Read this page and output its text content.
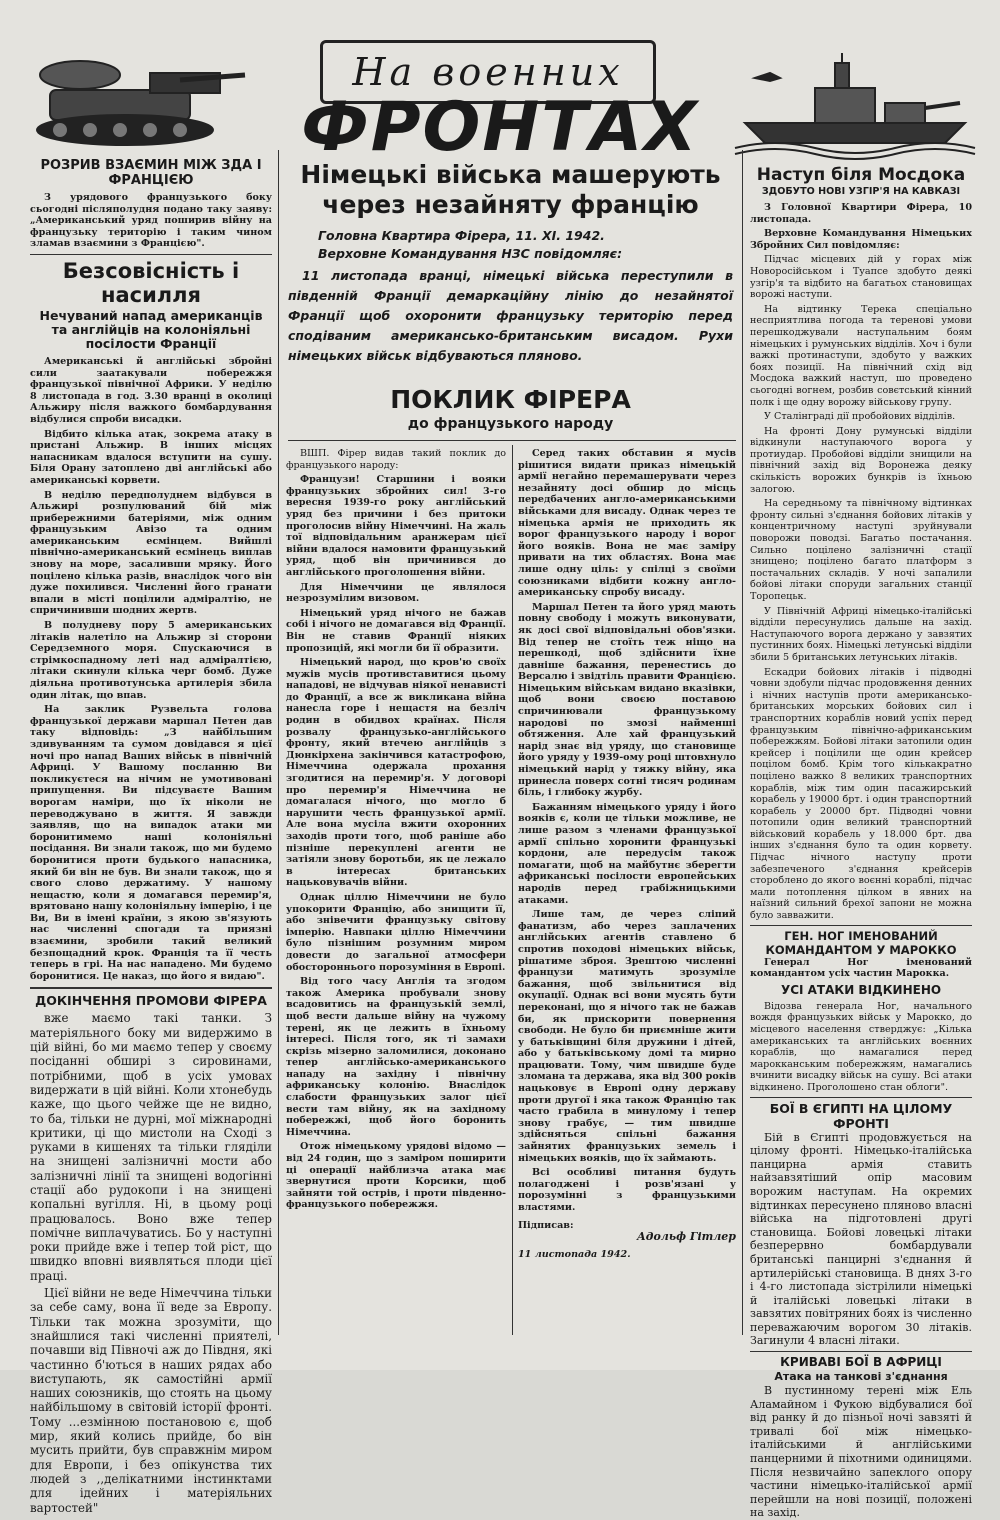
На военних
ФРОНТАХ
РОЗРИВ ВЗАЄМИН МІЖ ЗДА І ФРАНЦІЄЮ

З урядового французького боку сьогодні післяполудня подано таку заяву: „Американський уряд поширив війну на французьку територію і таким чином зламав взаємини з Францією".

Безсовісність і насилля
Нечуваний напад американців та англійців на колоніяльні посілости Франції

Американські й англійські збройні сили заатакували побережжя французької північної Африки. У неділю 8 листопада в год. 3.30 вранці в околиці Альжиру після важкого бомбардування відбулися спроби висадки.

Відбито кілька атак, зокрема атаку в пристані Альжир. В інших місцях напасникам вдалося вступити на сушу. Біля Орану затоплено дві англійські або американські корвети.

В неділю передполуднем відбувся в Альжирі розпулюваний бій між прибережними батеріями, між одним французьким Авізо та одним американським есмінцем. Вийшлі північно-американський есмінець виплав знову на море, засаливши мряку. Його поцілено кілька разів, внаслідок чого він дуже похилився. Численні його гранати впали в місті поцілили адміралтію, не спричинивши шодних жертв.

В полудневу пору 5 американських літаків налетіло на Альжир зі сторони Середземного моря. Спускаючися в стрімкоспадному леті над адміралтією, літаки скинули кілька черг бомб. Дуже діяльна противотунська артилерія збила один літак, що впав.

На заклик Рузвельта голова французької держави маршал Петен дав таку відповідь: „З найбільшим здивуванням та сумом довідався я цієї ночі про напад Ваших військ в північній Африці. У Вашому посланню Ви покликуєтеся на нічим не умотивовані припущення. Ви підсуваєте Вашим ворогам наміри, що їх ніколи не переводжувано в життя. Я завжди заявляв, що на випадок атаки ми боронитимемо наші колоніяльні посідання. Ви знали також, що ми будемо боронитися проти будького напасника, який би він не був. Ви знали також, що я свого слово держатиму. У нашому нещастю, коли я домагався перемир'я, врятовано нашу колоніяльну імперію, і це Ви, Ви в імені країни, з якою зв'язують нас численні спогади та приязні взаємини, зробили такий великий безпощадний крок. Франція та її честь теперь в грі. На нас нападено. Ми будемо боронитися. Це наказ, що його я видаю".

ДОКІНЧЕННЯ ПРОМОВИ ФІРЕРА

вже маємо такі танки. З матеріяльного боку ми видержимо в цій війні, бо ми маємо тепер у своєму посіданні обширі з сировинами, потрібними, щоб в усіх умовах видержати в цій війні. Коли хтонебудь каже, що цього чейже ще не видно, то ба, тільки не дурні, мої міжнародні критики, ці що мистоли на Сході з руками в кишенях та тільки гляділи на знищені залізничні мости або залізничні лінії та знищені водогінні стації або рудокопи і на знищені копальні вугілля. Ні, в цьому році працювалось. Воно вже тепер помічне виплачуватись. Бо у наступні роки прийде вже і тепер той ріст, що швидко вповні виявляться плоди цієї праці.

Цієї війни не веде Німеччина тільки за себе саму, вона її веде за Европу. Тільки так можна зрозуміти, що знайшлися такі численні приятелі, почавши від Півночі аж до Півдня, які частинно б'ються в наших рядах або виступають, як самостійні армії наших союзників, що стоять на цьому найбільшому в світовій історії фронті. Тому ...езмінною постановою є, щоб мир, який колись прийде, бо він мусить прийти, був справжнім миром для Европи, і без опікунства тих людей з ,,делікатними інстинктами для ідейних і матеріяльних вартостей"

Німецькі війська машерують через незайняту францію
Головна Квартира Фірера, 11. XI. 1942.
Верховне Командування НЗС повідомляє:

11 листопада вранці, німецькі війська переступили в південній Франції демаркаційну лінію до незайнятої Франції щоб охоронити французьку територію перед сподіваним американсько-британським висадом. Рухи німецьких військ відбуваються пляново.

ПОКЛИК ФІРЕРА
до французького народу

ВШП. Фірер видав такий поклик до французького народу:

Французи! Старшини і вояки французьких збройних сил! 3-го вересня 1939-го року англійський уряд без причини і без притоки проголосив війну Німеччині. На жаль тої відповідальним аранжерам цієї війни вдалося намовити французький уряд, щоб він причинився до англійського проголошення війни.

Для Німеччини це являлося незрозумілим визовом.

Німецький уряд нічого не бажав собі і нічого не домагався від Франції. Він не ставив Франції ніяких пропозицій, які могли би її образити.

Німецький народ, що кров'ю своїх мужів мусів противставитися цьому нападові, не відчував ніякої ненависті до Франції, а все ж викликана війна нанесла горе і нещастя на безліч родин в обидвох країнах. Після розвалу французько-англійського фронту, який втечею англійців з Дюнкірхена закінчився катастрофою, Німеччина одержала прохання згодитися на перемир'я. У договорі про перемир'я Німеччина не домагалася нічого, що могло б нарушити честь французької армії. Але вона мусіла вжити охоронних заходів проти того, щоб раніше або пізніше перекуплені агенти не затіяли знову боротьби, як це лежало в інтересах британських нацьковувачів війни.

Однак ціллю Німеччини не було упокорити Францію, або знищити її, або знівечити французьку світову імперію. Навпаки ціллю Німеччини було пізнішим розумним миром довести до загальної атмосфери обостороннього порозуміння в Европі.

Від того часу Англія та згодом також Америка пробували знову всадовитись на французькій землі, щоб вести дальше війну на чужому терені, як це лежить в їхньому інтересі. Після того, як ті замахи скрізь мізерно заломилися, доконано тепер англійсько-американського нападу на західну і північну африканську колонію. Внаслідок слабости французьких залог цієї вести там війну, як на західному побережжі, щоб його боронить Німеччина.

Отож німецькому урядові відомо — від 24 годин, що з заміром поширити ці операції найблизча атака має звернутися проти Корсики, щоб зайняти той острів, і проти південно-французького побережжя.

Серед таких обставин я мусів рішитися видати приказ німецькій армії негайно перемашерувати через незайняту досі обшир до місць передбачених англо-американськими військами для висаду. Однак через те німецька армія не приходить як ворог французького народу і ворог його вояків. Вона не має заміру привати на тих областях. Вона має лише одну ціль: у спілці з своїми союзниками відбити кожну англо-американську спробу висаду.

Маршал Петен та його уряд мають повну свободу і можуть виконувати, як досі свої відповідальні обов'язки. Від тепер не стоїть теж ніщо на перешкоді, щоб здійснити їхне давніше бажання, перенестись до Версалю і звідтіль правити Францією. Німецьким військам видано вказівки, щоб вони своєю поставою спричинювали французькому народові по змозі найменші обтяження. Але хай французький нарід знає від уряду, що становище його уряду у 1939-ому році штовхнуло німецький нарід у тяжку війну, яка принесла поверх сотні тисяч родинам біль, і глибоку журбу.

Бажанням німецького уряду і його вояків є, коли це тільки можливе, не лише разом з членами французької армії спільно хоронити французькі кордони, але передусім також помагати, щоб на майбутнє зберегти африканські посілости европейських народів перед грабіжницькими атаками.

Лише там, де через сліпий фанатизм, або через заплачених англійських агентів ставлено б спротив походові німецьких військ, рішатиме зброя. Зрештою численні французи матимуть зрозуміле бажання, щоб звільнитися від окупації. Однак всі вони мусять бути переконані, що я нічого так не бажав би, як прискорити повернення свободи. Не було би приємніше жити у батьківщині біля дружини і дітей, або у батьківському домі та мирно працювати. Тому, чим швидше буде зломана та держава, яка від 300 років нацьковує в Европі одну державу проти другої і яка також Францію так часто грабила в минулому і тепер знову грабує, — тим швидше здійсняться спільні бажання зайнятих французьких земель і німецьких вояків, що їх займають.

Всі особливі питання будуть полагоджені і розв'язані у порозумінні з французькими властями.

Підписав:
Адольф Гітлер
11 листопада 1942.
Наступ біля Мосдока
ЗДОБУТО НОВІ УЗГІР'Я НА КАВКАЗІ

З Головної Квартири Фірера, 10 листопада.

Верховне Командування Німецьких Збройних Сил повідомляє:

Підчас місцевих дій у горах між Новоросійськом і Туапсе здобуто деякі узгір'я та відбито на багатьох становищах ворожі наступи.

На відтинку Терека спеціально несприятлива погода та теренові умови перешкоджували наступальним боям німецьких і румунських відділів. Хоч і були важкі протинаступи, здобуто у важких боях позиції. На північний схід від Мосдока важкий наступ, шо проведено сьогодні вогнем, розбив совєтський кінний полк і ще одну ворожу військову групу.

У Сталінграді дії пробойових відділів.

На фронті Дону румунські відділи відкинули наступаючого ворога у протиудар. Пробойові відділи знищили на північний захід від Воронежа деяку скількість ворожих бункрів із їхньою залогою.

На середньому та північному відтинках фронту сильні з'єднання бойових літаків у концентричному наступі зруйнували поворожи поводзі. Багатьо постачання. Сильно поцілено залізничні стації знищено; поцілено багато платформ з постачальних складів. У ночі запалили бойові літаки споруди загальних станції Торопецьк.

У Північній Африці німецько-італійські відділи пересунулись дальше на захід. Наступаючого ворога держано у завзятих пустинних боях. Німецькі летунські відділи збили 5 британських летунських літаків.

Ескадри бойових літаків і підводні човни здобули підчас продовження денних і нічних наступів проти американсько-британських морських бойових сил і транспортних кораблів новий успіх перед французьким північно-африканським побережжям. Бойові літаки затопили один крейсер і поцілили ще один крейсер поцілом бомб. Крім того кількакратно поцілено важко 8 великих транспортних кораблів, між тим один пасажирський корабель у 19000 брт. і один транспортний корабель у 20000 брт. Підводні човни потопили один великий транспортний військовий корабель у 18.000 брт. два інших з'єднання було та один корвету. Підчас нічного наступу проти забезпеченого з'єднання крейсерів стороблено до якого воєнні кораблі, підчас мали потоплення цілком в явних на наїзний сильний брехої запони не можна було завважити.

ГЕН. НОГ ІМЕНОВАНИЙ КОМАНДАНТОМ У МАРОККО

Генерал Ног іменований командантом усіх частин Марокка.

УСІ АТАКИ ВІДКИНЕНО

Відозва генерала Ног, начального вождя французьких військ у Марокко, до місцевого населення стверджує: „Кілька американських та англійських воєнних кораблів, що намагалися перед марокканським побережжям, намагались вчинити висадку військ на сушу. Всі атаки відкинено. Проголошено стан облоги".

БОЇ В ЄГИПТІ НА ЦІЛОМУ ФРОНТІ

Бій в Єгипті продовжується на цілому фронті. Німецько-італійська панцирна армія ставить найзавзятіший опір масовим ворожим наступам. На окремих відтинках пересунено пляново власні війська на підготовлені другі становища. Бойові ловецькі літаки безперервно бомбардували британські панцирні з'єднання й артилерійські становища. В днях 3-го і 4-го листопада зістрілили німецькі й італійські ловецькі літаки в завзятих повітряних боях із численно переважаючим ворогом 30 літаків. Загинули 4 власні літаки.

КРИВАВІ БОЇ В АФРИЦІ
Атака на танкові з'єднання

В пустинному терені між Ель Аламайном і Фукою відбувалися бої від ранку й до пізньої ночі завзяті й тривалі бої між німецько-італійськими й англійськими панцерними й піхотними одиницями. Після незвичайно запеклого опору частини німецько-італійської армії перейшли на нові позиції, положені на захід.
